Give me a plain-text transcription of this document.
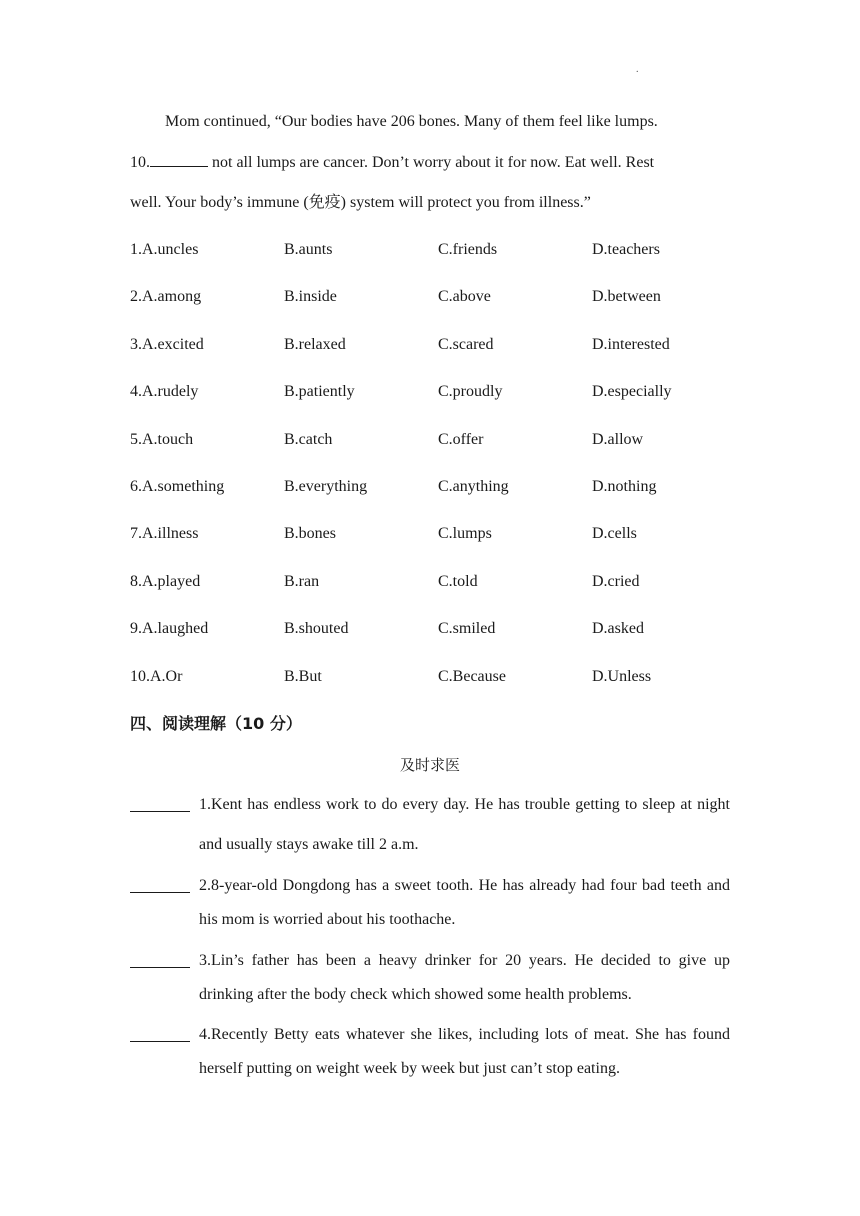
.
Mom continued, “Our bodies have 206 bones. Many of them feel like lumps.
10.	not all lumps are cancer. Don’t worry about it for now. Eat well. Rest
well. Your body’s immune (免疫) system will protect you from illness.”
1.A.uncles	B.aunts	C.friends	D.teachers
2.A.among	B.inside	C.above	D.between
3.A.excited	B.relaxed	C.scared	D.interested
4.A.rudely	B.patiently	C.proudly	D.especially
5.A.touch	B.catch	C.offer	D.allow
6.A.something	B.everything	C.anything	D.nothing
7.A.illness	B.bones	C.lumps	D.cells
8.A.played	B.ran	C.told	D.cried
9.A.laughed	B.shouted	C.smiled	D.asked
10.A.Or	B.But	C.Because	D.Unless
四、阅读理解（10 分）
及时求医
1.Kent has endless work to do every day. He has trouble getting to sleep at night and usually stays awake till 2 a.m.
2.8-year-old Dongdong has a sweet tooth. He has already had four bad teeth and his mom is worried about his toothache.
3.Lin’s father has been a heavy drinker for 20 years. He decided to give up drinking after the body check which showed some health problems.
4.Recently Betty eats whatever she likes, including lots of meat. She has found herself putting on weight week by week but just can’t stop eating.
